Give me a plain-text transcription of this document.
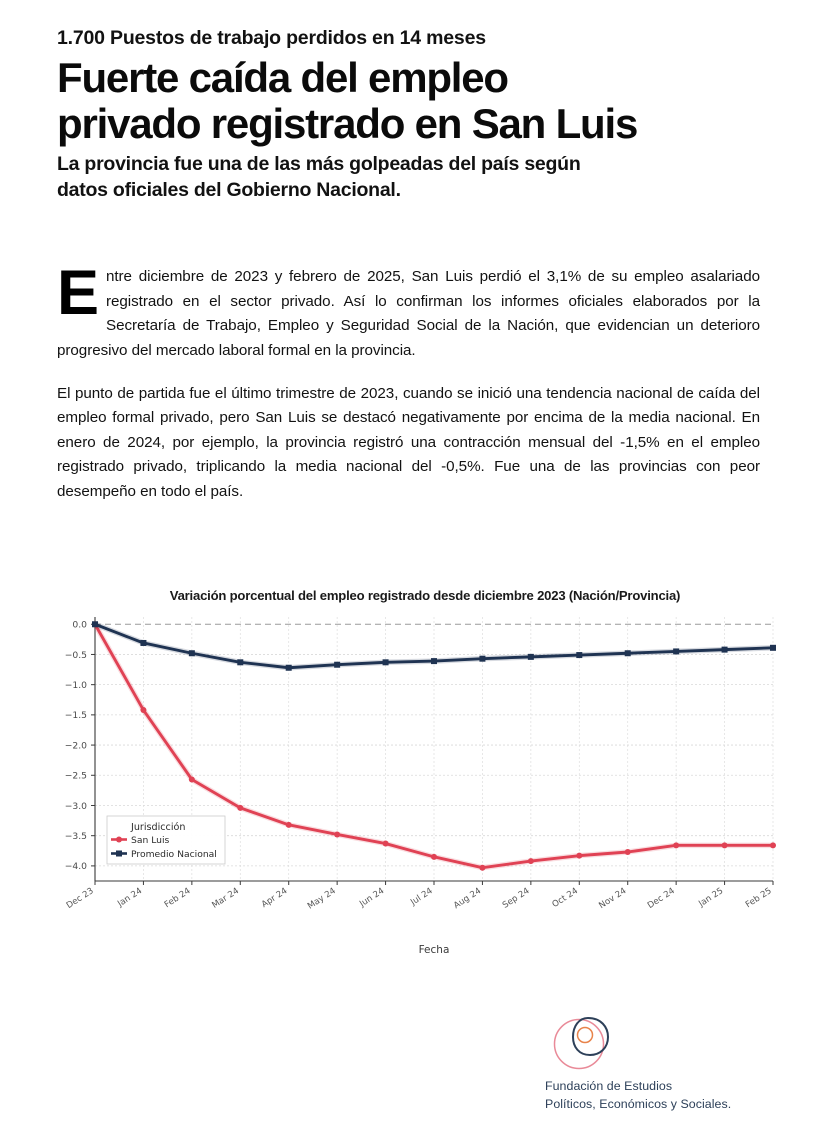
1.700 Puestos de trabajo perdidos en 14 meses
Fuerte caída del empleo
privado registrado en San Luis
La provincia fue una de las más golpeadas del país según
datos oficiales del Gobierno Nacional.

Entre diciembre de 2023 y febrero de 2025, San Luis perdió el 3,1% de su empleo asalariado registrado en el sector privado. Así lo confirman los informes oficiales elaborados por la Secretaría de Trabajo, Empleo y Seguridad Social de la Nación, que evidencian un deterioro progresivo del mercado laboral formal en la provincia.

El punto de partida fue el último trimestre de 2023, cuando se inició una tendencia nacional de caída del empleo formal privado, pero San Luis se destacó negativamente por encima de la media nacional. En enero de 2024, por ejemplo, la provincia registró una contracción mensual del -1,5% en el empleo registrado privado, triplicando la media nacional del -0,5%. Fue una de las provincias con peor desempeño en todo el país.

Variación porcentual del empleo registrado desde diciembre 2023 (Nación/Provincia)
0.0
−0.5
−1.0
−1.5
−2.0
−2.5
−3.0
−3.5
−4.0
Dec 23 Jan 24 Feb 24 Mar 24 Apr 24 May 24 Jun 24	Jul 24 Aug 24 Sep 24 Oct 24 Nov 24 Dec 24 Jan 25 Feb 25
Fecha
Jurisdicción
San Luis
Promedio Nacional
Fundación de Estudios
Políticos, Económicos y Sociales.
